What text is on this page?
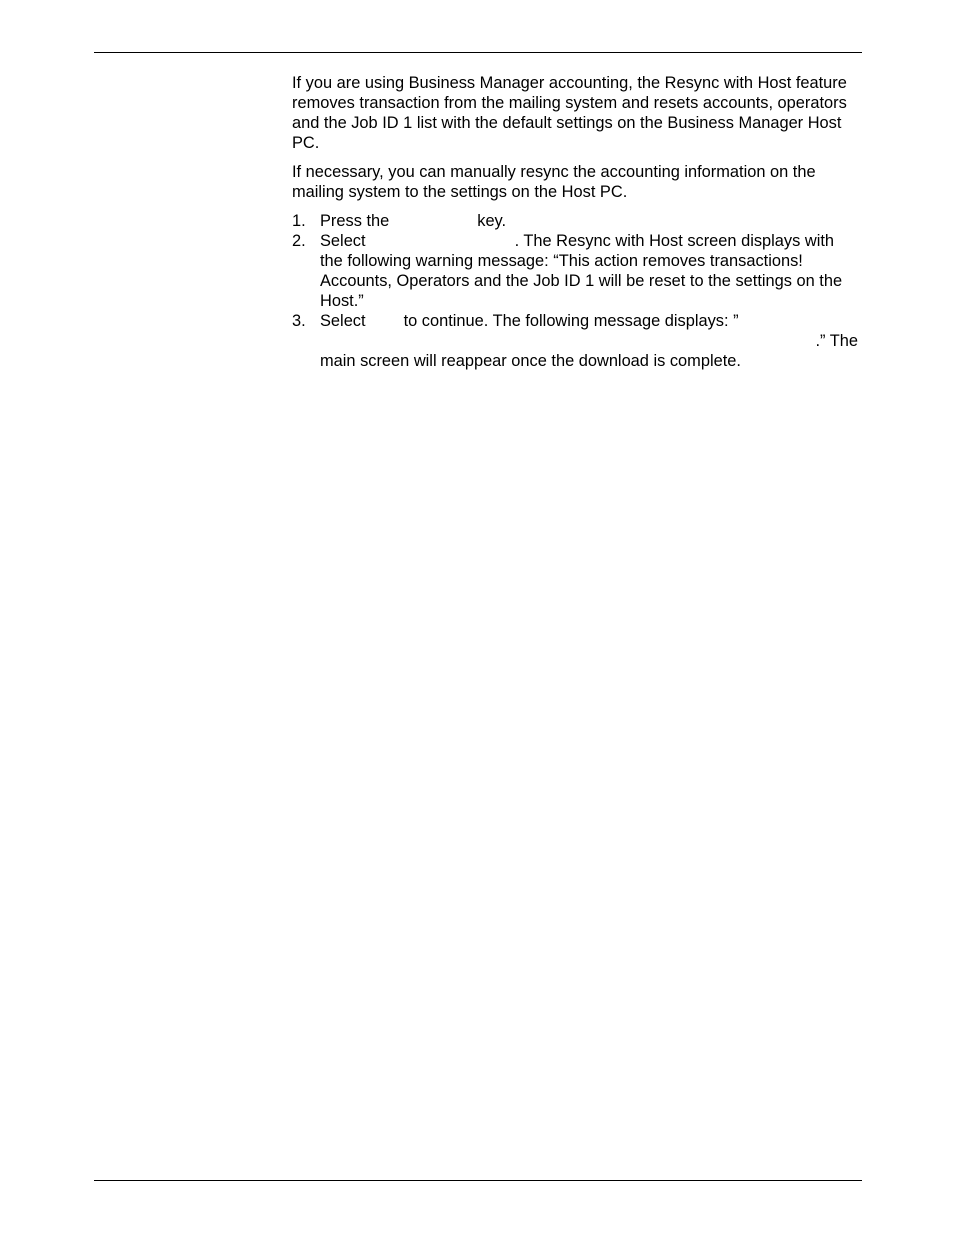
If you are using Business Manager accounting, the Resync with Host feature removes transaction from the mailing system and resets accounts, operators and the Job ID 1 list with the default settings on the Business Manager Host PC.

If necessary, you can manually resync the accounting information on the mailing system to the settings on the Host PC.

1. Press the	key.
2. Select	. The Resync with Host screen displays with the following warning message: “This action removes transactions! Accounts, Operators and the Job ID 1 will be reset to the settings on the Host.”
3. Select to continue. The following message displays: ”
.” The
main screen will reappear once the download is complete.
